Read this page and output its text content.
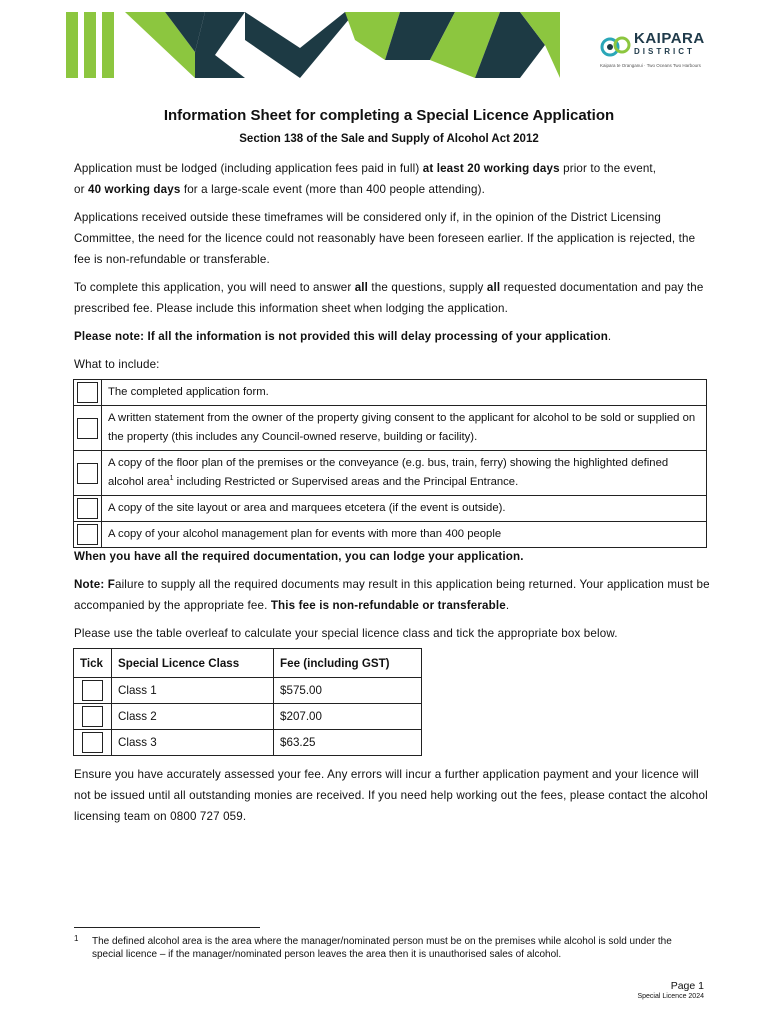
KAIPARA
DISTRICT
Kaipara te Oranganui · Two Oceans Two Harbours
Information Sheet for completing a Special Licence Application
Section 138 of the Sale and Supply of Alcohol Act 2012
Application must be lodged (including application fees paid in full) at least 20 working days prior to the event,
or 40 working days for a large-scale event (more than 400 people attending).
Applications received outside these timeframes will be considered only if, in the opinion of the District Licensing Committee, the need for the licence could not reasonably have been foreseen earlier. If the application is rejected, the fee is non-refundable or transferable.
To complete this application, you will need to answer all the questions, supply all requested documentation and pay the prescribed fee. Please include this information sheet when lodging the application.
Please note: If all the information is not provided this will delay processing of your application.
What to include:
	The completed application form.

	A written statement from the owner of the property giving consent to the applicant for alcohol to be sold or supplied on the property (this includes any Council-owned reserve, building or facility).

	A copy of the floor plan of the premises or the conveyance (e.g. bus, train, ferry) showing the highlighted defined alcohol area$^1$ including Restricted or Supervised areas and the Principal Entrance.

	A copy of the site layout or area and marquees etcetera (if the event is outside).

	A copy of your alcohol management plan for events with more than 400 people
When you have all the required documentation, you can lodge your application.
Note: Failure to supply all the required documents may result in this application being returned. Your application must be accompanied by the appropriate fee. This fee is non-refundable or transferable.
Please use the table overleaf to calculate your special licence class and tick the appropriate box below.
Tick	Special Licence Class	Fee (including GST)

	Class 1	$575.00

	Class 2	$207.00

	Class 3	$63.25
Ensure you have accurately assessed your fee. Any errors will incur a further application payment and your licence will not be issued until all outstanding monies are received. If you need help working out the fees, please contact the alcohol licensing team on 0800 727 059.
1 The defined alcohol area is the area where the manager/nominated person must be on the premises while alcohol is sold under the special licence – if the manager/nominated person leaves the area then it is unauthorised sales of alcohol.
Page 1
Special Licence 2024
